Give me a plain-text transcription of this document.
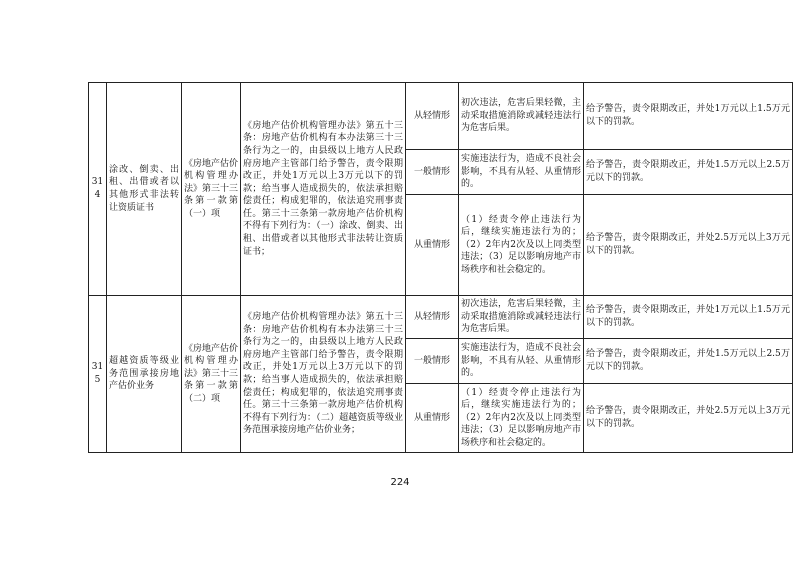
314	涂改、倒卖、出租、出借或者以其他形式非法转让资质证书	《房地产估价机构管理办法》第三十三条第一款第（一）项	《房地产估价机构管理办法》第五十三条：房地产估价机构有本办法第三十三条行为之一的，由县级以上地方人民政府房地产主管部门给予警告，责令限期改正，并处1万元以上3万元以下的罚款；给当事人造成损失的，依法承担赔偿责任；构成犯罪的，依法追究刑事责任。第三十三条第一款房地产估价机构不得有下列行为：（一）涂改、倒卖、出租、出借或者以其他形式非法转让资质证书；	从轻情形	初次违法，危害后果轻微，主动采取措施消除或减轻违法行为危害后果。	给予警告，责令限期改正，并处1万元以上1.5万元以下的罚款。
				一般情形	实施违法行为，造成不良社会影响，不具有从轻、从重情形的。	给予警告，责令限期改正，并处1.5万元以上2.5万元以下的罚款。
				从重情形	（1）经责令停止违法行为后，继续实施违法行为的；（2）2年内2次及以上同类型违法；（3）足以影响房地产市场秩序和社会稳定的。	给予警告，责令限期改正，并处2.5万元以上3万元以下的罚款。
315	超越资质等级业务范围承接房地产估价业务	《房地产估价机构管理办法》第三十三条第一款第（二）项	《房地产估价机构管理办法》第五十三条：房地产估价机构有本办法第三十三条行为之一的，由县级以上地方人民政府房地产主管部门给予警告，责令限期改正，并处1万元以上3万元以下的罚款；给当事人造成损失的，依法承担赔偿责任；构成犯罪的，依法追究刑事责任。第三十三条第一款房地产估价机构不得有下列行为：（二）超越资质等级业务范围承接房地产估价业务；	从轻情形	初次违法，危害后果轻微，主动采取措施消除或减轻违法行为危害后果。	给予警告，责令限期改正，并处1万元以上1.5万元以下的罚款。
				一般情形	实施违法行为，造成不良社会影响，不具有从轻、从重情形的。	给予警告，责令限期改正，并处1.5万元以上2.5万元以下的罚款。
				从重情形	（1）经责令停止违法行为后，继续实施违法行为的；（2）2年内2次及以上同类型违法；（3）足以影响房地产市场秩序和社会稳定的。	给予警告，责令限期改正，并处2.5万元以上3万元以下的罚款。
224
